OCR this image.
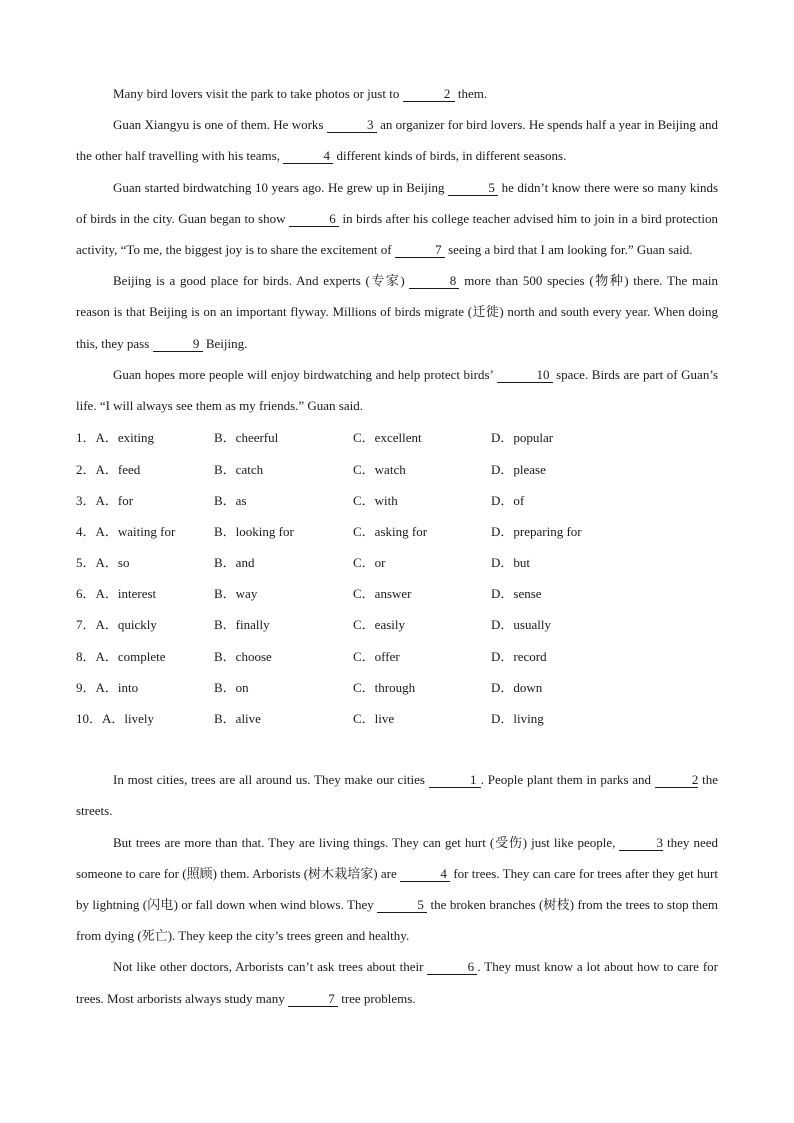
Many bird lovers visit the park to take photos or just to	2 them.

Guan Xiangyu is one of them. He works	3 an organizer for bird lovers. He spends half a year in Beijing and the other half travelling with his teams,	4 different kinds of birds, in different seasons.

Guan started birdwatching 10 years ago. He grew up in Beijing	5 he didn’t know there were so many kinds of birds in the city. Guan began to show	6 in birds after his college teacher advised him to join in a bird protection activity, “To me, the biggest joy is to share the excitement of	7 seeing a bird that I am looking for.” Guan said.

Beijing is a good place for birds. And experts (专家)	8 more than 500 species (物种) there. The main reason is that Beijing is on an important flyway. Millions of birds migrate (迁徙) north and south every year. When doing this, they pass	9 Beijing.

Guan hopes more people will enjoy birdwatching and help protect birds’	10 space. Birds are part of Guan’s life. “I will always see them as my friends.” Guan said.

1．A．exiting	B．cheerful	C．excellent	D．popular
2．A．feed	B．catch	C．watch	D．please
3．A．for	B．as	C．with	D．of
4．A．waiting for	B．looking for	C．asking for	D．preparing for
5．A．so	B．and	C．or	D．but
6．A．interest	B．way	C．answer	D．sense
7．A．quickly	B．finally	C．easily	D．usually
8．A．complete	B．choose	C．offer	D．record
9．A．into	B．on	C．through	D．down
10．A．lively	B．alive	C．live	D．living

In most cities, trees are all around us. They make our cities	1 . People plant them in parks and	2 the streets.

But trees are more than that. They are living things. They can get hurt (受伤) just like people,	3 they need someone to care for (照顾) them. Arborists (树木栽培家) are	4 for trees. They can care for trees after they get hurt by lightning (闪电) or fall down when wind blows. They	5 the broken branches (树枝) from the trees to stop them from dying (死亡). They keep the city’s trees green and healthy.

Not like other doctors, Arborists can’t ask trees about their	6 . They must know a lot about how to care for trees. Most arborists always study many	7 tree problems.
